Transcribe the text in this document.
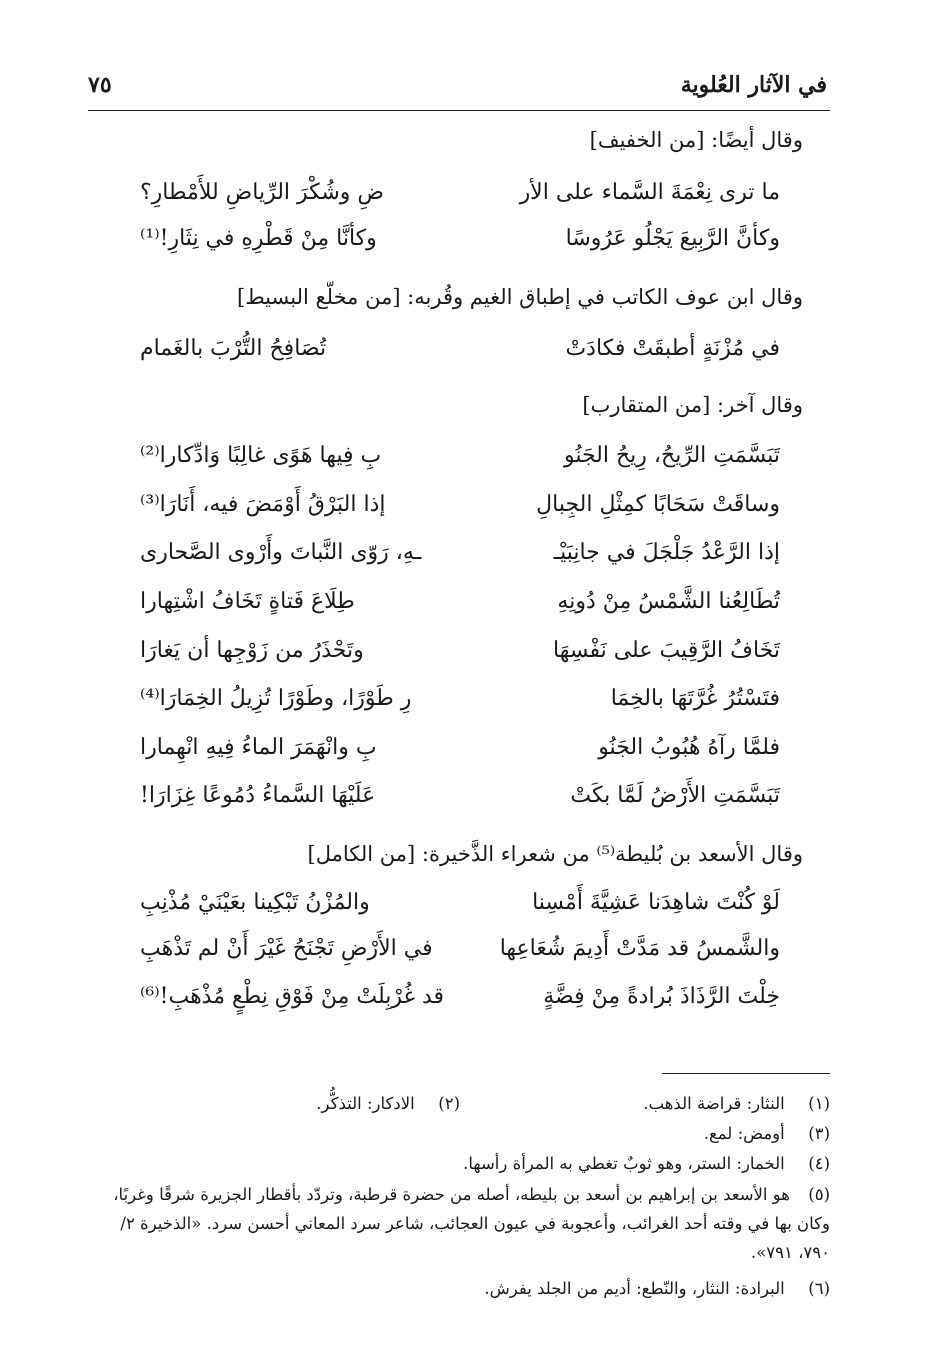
في الآثار العُلوية
٧٥
وقال أيضًا: [من الخفيف]
ما ترى نِعْمَةَ السَّماء على الأر
ضِ وشُكْرَ الرِّياضِ للأَمْطارِ؟
وكأنَّ الرَّبِيعَ يَجْلُو عَرُوسًا
وكأنَّا مِنْ قَطْرِهِ في نِثَارِ!⁽¹⁾
وقال ابن عوف الكاتب في إطباق الغيم وقُربه: [من مخلّع البسيط]
في مُزْنَةٍ أطبقَتْ فكادَتْ
تُصَافِحُ التُّرْبَ بالغَمام
وقال آخر: [من المتقارب]
تَبَسَّمَتِ الرِّيحُ، رِيحُ الجَنُو
بِ فِيها هَوًى غالِبًا وَادِّكارا⁽²⁾
وساقَتْ سَحَابًا كمِثْلِ الجِبالِ
إذا البَرْقُ أَوْمَضَ فيه، أَنَارَا⁽³⁾
إذا الرَّعْدُ جَلْجَلَ في جانِبَيْـ
ـهِ، رَوّى النَّباتَ وأَرْوى الصَّحارى
تُطَالِعُنا الشَّمْسُ مِنْ دُونِهِ
طِلَاعَ فَتاةٍ تَخَافُ اشْتِهارا
تَخَافُ الرَّقِيبَ على نَفْسِهَا
وتَحْذَرُ من زَوْجِها أن يَغارَا
فتَسْتُرُ غُرَّتَهَا بالخِمَا
رِ طَوْرًا، وطَوْرًا تُزِيلُ الخِمَارَا⁽⁴⁾
فلمَّا رآهُ هُبُوبُ الجَنُو
بِ وانْهَمَرَ الماءُ فِيهِ انْهِمارا
تَبَسَّمَتِ الأَرْضُ لَمَّا بكَتْ
عَلَيْهَا السَّماءُ دُمُوعًا غِزَارَا!
وقال الأسعد بن بُليطة⁽⁵⁾ من شعراء الذَّخيرة: [من الكامل]
لَوْ كُنْتَ شاهِدَنا عَشِيَّةَ أَمْسِنا
والمُزْنُ تَبْكِينا بعَيْنَيْ مُذْنِبِ
والشَّمسُ قد مَدَّتْ أَدِيمَ شُعَاعِها
في الأَرْضِ تَجْنَحُ غَيْرَ أَنْ لم تَذْهَبِ
خِلْتَ الرَّذَاذَ بُرادةً مِنْ فِضَّةٍ
قد غُرْبِلَتْ مِنْ فَوْقِ نِطْعٍ مُذْهَبِ!⁽⁶⁾
(١) النثار: قراضة الذهب.
(٢) الادكار: التذكُّر.
(٣) أومض: لمع.
(٤) الخمار: الستر، وهو ثوبٌ تغطي به المرأة رأسها.
(٥)هو الأسعد بن إبراهيم بن أسعد بن بليطه، أصله من حضرة قرطبة، وتردّد بأقطار الجزيرة شرقًا وغربًا، وكان بها في وقته أحد الغرائب، وأعجوبة في عيون العجائب، شاعر سرد المعاني أحسن سرد. «الذخيرة ٢/ ٧٩٠، ٧٩١».
(٦) البرادة: النثار، والنّطع: أديم من الجلد يفرش.
